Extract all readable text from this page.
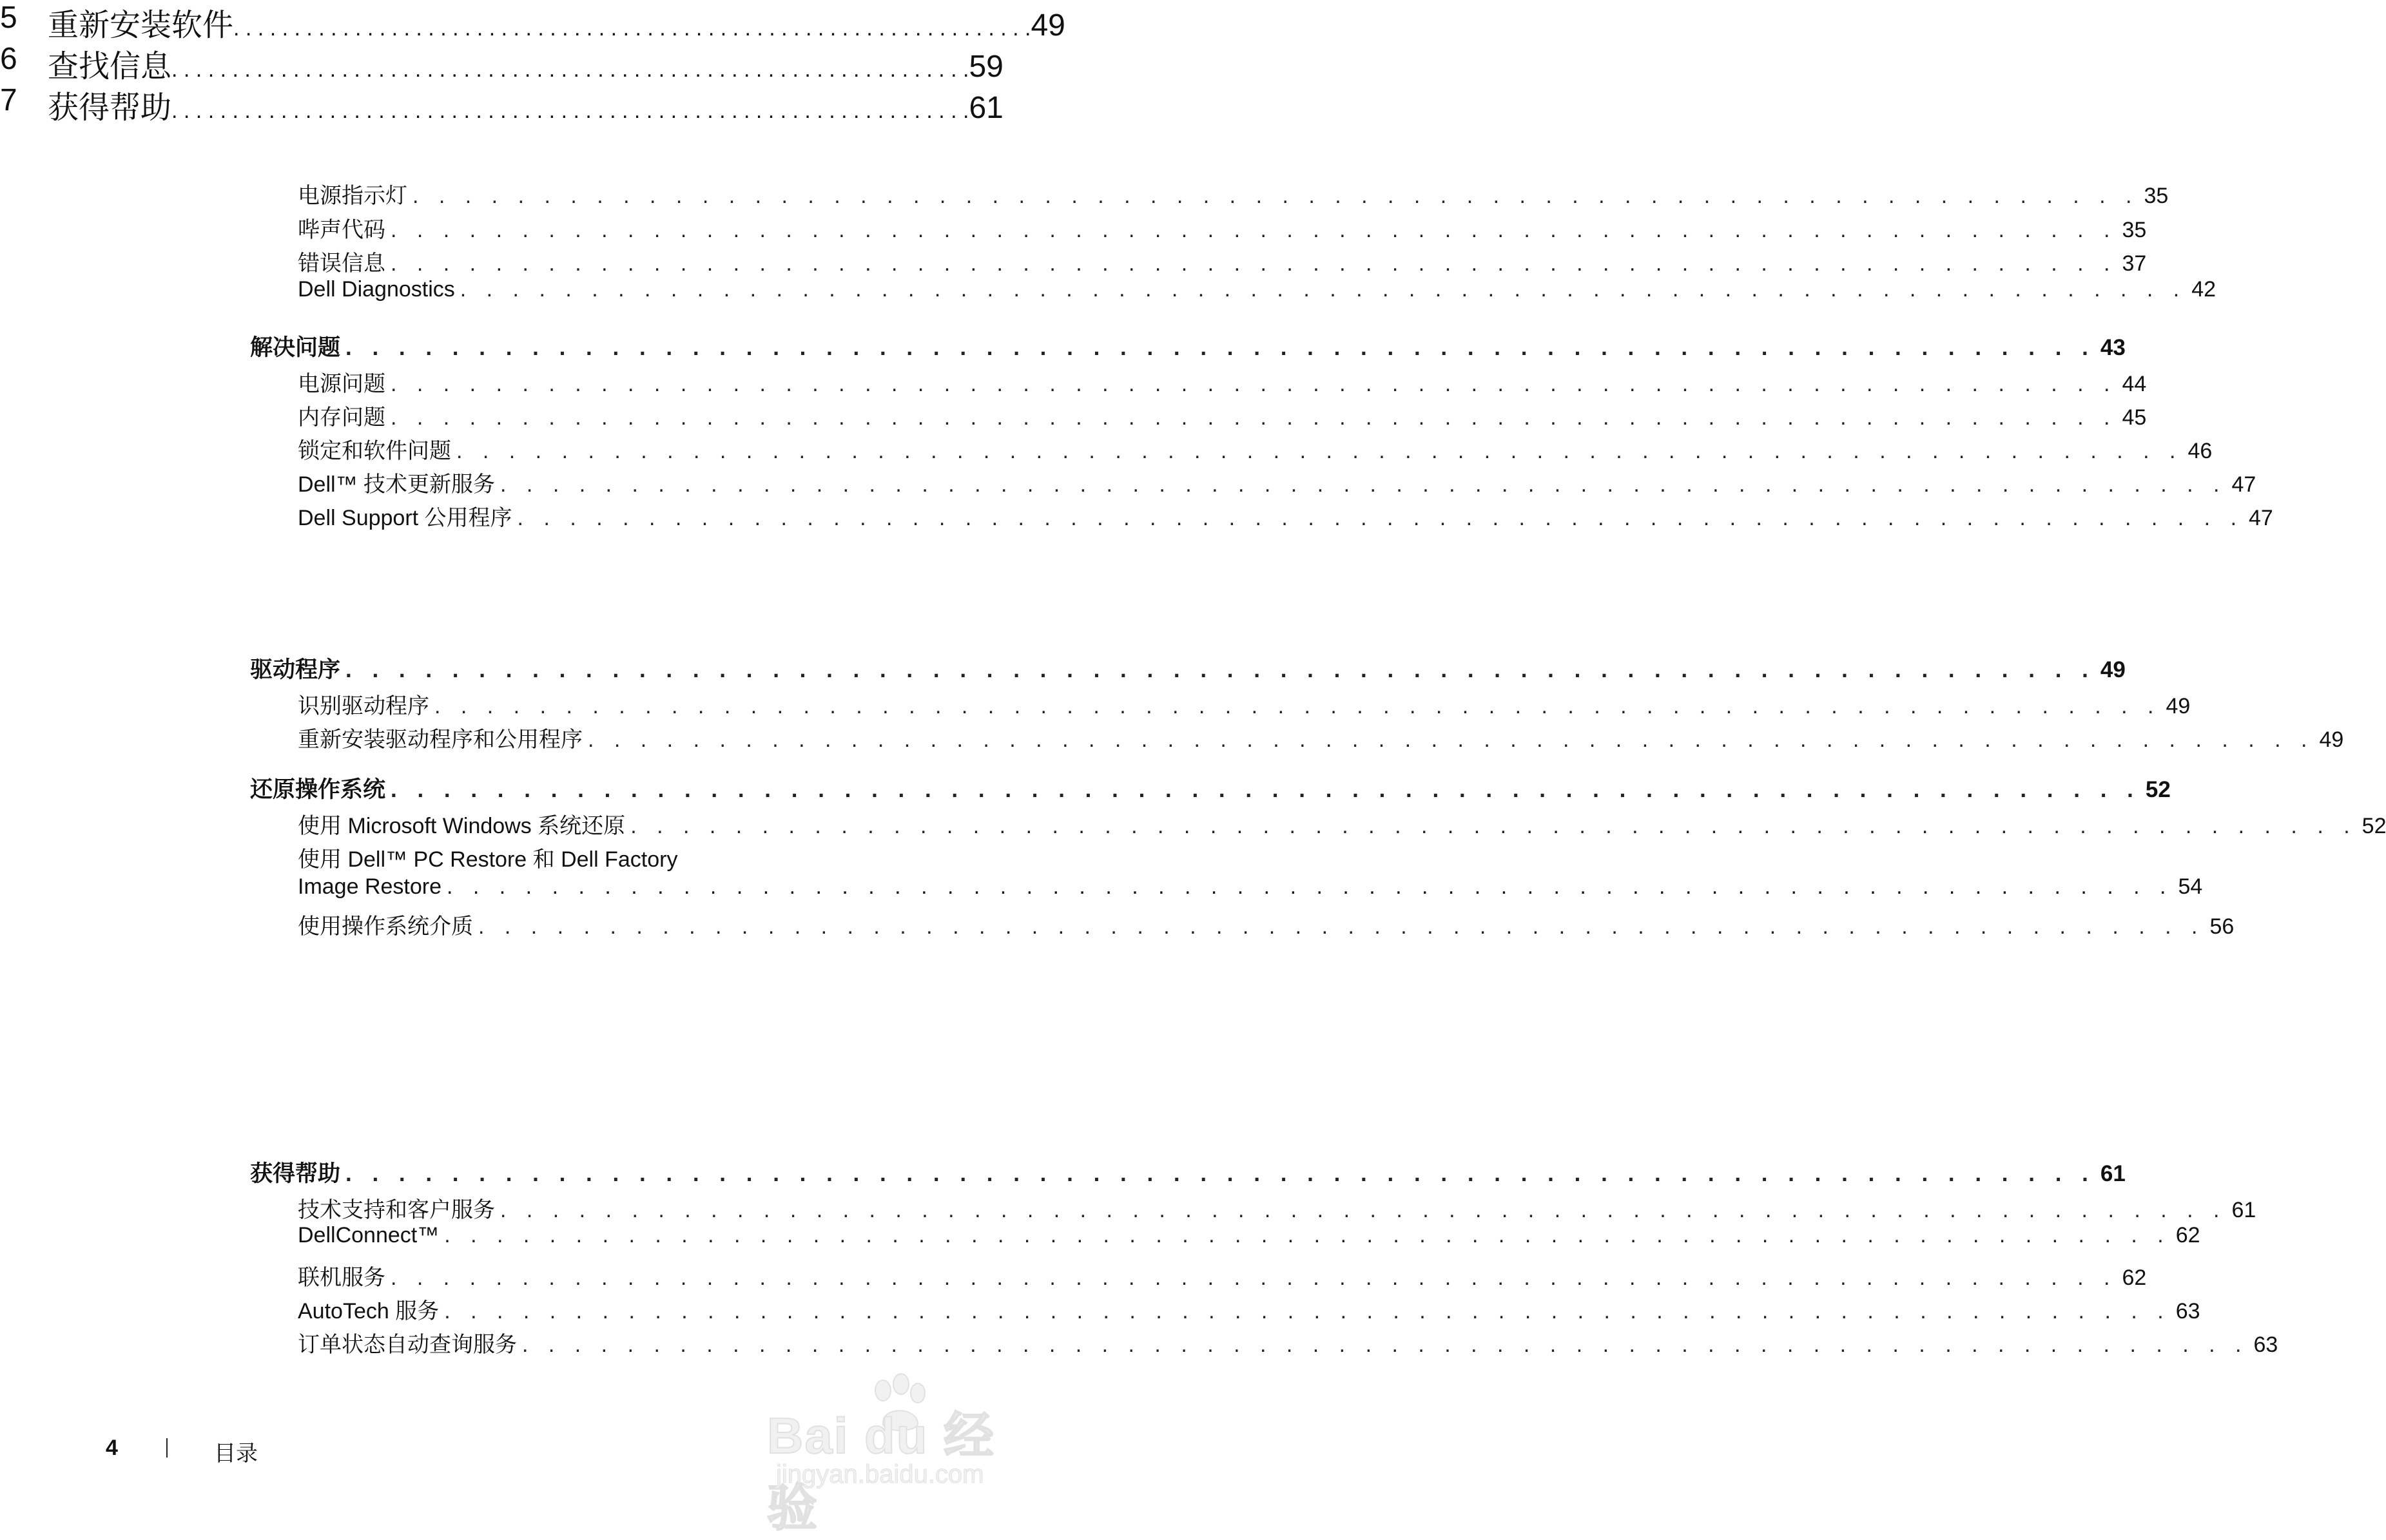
电源指示灯 . . . . . . . . . . . . . . . . . . . . . . . . . . . . . . . . . . . . . . . . . . . . . . . . . . . . . . . . . . . . . . . . . . 35
哔声代码 . . . . . . . . . . . . . . . . . . . . . . . . . . . . . . . . . . . . . . . . . . . . . . . . . . . . . . . . . . . . . . . . . . 35
错误信息 . . . . . . . . . . . . . . . . . . . . . . . . . . . . . . . . . . . . . . . . . . . . . . . . . . . . . . . . . . . . . . . . . . 37
Dell Diagnostics . . . . . . . . . . . . . . . . . . . . . . . . . . . . . . . . . . . . . . . . . . . . . . . . . . . . . . . . . . . . . . . . . . 42
解决问题 . . . . . . . . . . . . . . . . . . . . . . . . . . . . . . . . . . . . . . . . . . . . . . . . . . . . . . . . . . . . . . . . . . 43
电源问题 . . . . . . . . . . . . . . . . . . . . . . . . . . . . . . . . . . . . . . . . . . . . . . . . . . . . . . . . . . . . . . . . . . 44
内存问题 . . . . . . . . . . . . . . . . . . . . . . . . . . . . . . . . . . . . . . . . . . . . . . . . . . . . . . . . . . . . . . . . . . 45
锁定和软件问题 . . . . . . . . . . . . . . . . . . . . . . . . . . . . . . . . . . . . . . . . . . . . . . . . . . . . . . . . . . . . . . . . . . 46
Dell™ 技术更新服务 . . . . . . . . . . . . . . . . . . . . . . . . . . . . . . . . . . . . . . . . . . . . . . . . . . . . . . . . . . . . . . . . . . 47
Dell Support 公用程序 . . . . . . . . . . . . . . . . . . . . . . . . . . . . . . . . . . . . . . . . . . . . . . . . . . . . . . . . . . . . . . . . . . 47
5 重新安装软件 . . . . . . . . . . . . . . . . . . . . . . . . . . . . . . . . . . . . . . . . . . . . . . . . . . . . . . . . . . . . . . . . . . 49
驱动程序 . . . . . . . . . . . . . . . . . . . . . . . . . . . . . . . . . . . . . . . . . . . . . . . . . . . . . . . . . . . . . . . . . . 49
识别驱动程序 . . . . . . . . . . . . . . . . . . . . . . . . . . . . . . . . . . . . . . . . . . . . . . . . . . . . . . . . . . . . . . . . . . 49
重新安装驱动程序和公用程序 . . . . . . . . . . . . . . . . . . . . . . . . . . . . . . . . . . . . . . . . . . . . . . . . . . . . . . . . . . . . . . . . . . 49
还原操作系统 . . . . . . . . . . . . . . . . . . . . . . . . . . . . . . . . . . . . . . . . . . . . . . . . . . . . . . . . . . . . . . . . . . 52
使用 Microsoft Windows 系统还原 . . . . . . . . . . . . . . . . . . . . . . . . . . . . . . . . . . . . . . . . . . . . . . . . . . . . . . . . . . . . . . . . . . 52
使用 Dell™ PC Restore 和 Dell Factory
Image Restore . . . . . . . . . . . . . . . . . . . . . . . . . . . . . . . . . . . . . . . . . . . . . . . . . . . . . . . . . . . . . . . . . . 54
使用操作系统介质 . . . . . . . . . . . . . . . . . . . . . . . . . . . . . . . . . . . . . . . . . . . . . . . . . . . . . . . . . . . . . . . . . . 56
6 查找信息 . . . . . . . . . . . . . . . . . . . . . . . . . . . . . . . . . . . . . . . . . . . . . . . . . . . . . . . . . . . . . . . . . . 59
7 获得帮助 . . . . . . . . . . . . . . . . . . . . . . . . . . . . . . . . . . . . . . . . . . . . . . . . . . . . . . . . . . . . . . . . . . 61
获得帮助 . . . . . . . . . . . . . . . . . . . . . . . . . . . . . . . . . . . . . . . . . . . . . . . . . . . . . . . . . . . . . . . . . . 61
技术支持和客户服务 . . . . . . . . . . . . . . . . . . . . . . . . . . . . . . . . . . . . . . . . . . . . . . . . . . . . . . . . . . . . . . . . . . 61
DellConnect™ . . . . . . . . . . . . . . . . . . . . . . . . . . . . . . . . . . . . . . . . . . . . . . . . . . . . . . . . . . . . . . . . . . 62
联机服务 . . . . . . . . . . . . . . . . . . . . . . . . . . . . . . . . . . . . . . . . . . . . . . . . . . . . . . . . . . . . . . . . . . 62
AutoTech 服务 . . . . . . . . . . . . . . . . . . . . . . . . . . . . . . . . . . . . . . . . . . . . . . . . . . . . . . . . . . . . . . . . . . 63
订单状态自动查询服务 . . . . . . . . . . . . . . . . . . . . . . . . . . . . . . . . . . . . . . . . . . . . . . . . . . . . . . . . . . . . . . . . . . 63
4	目录	Bai du 经验
jingyan.baidu.com
